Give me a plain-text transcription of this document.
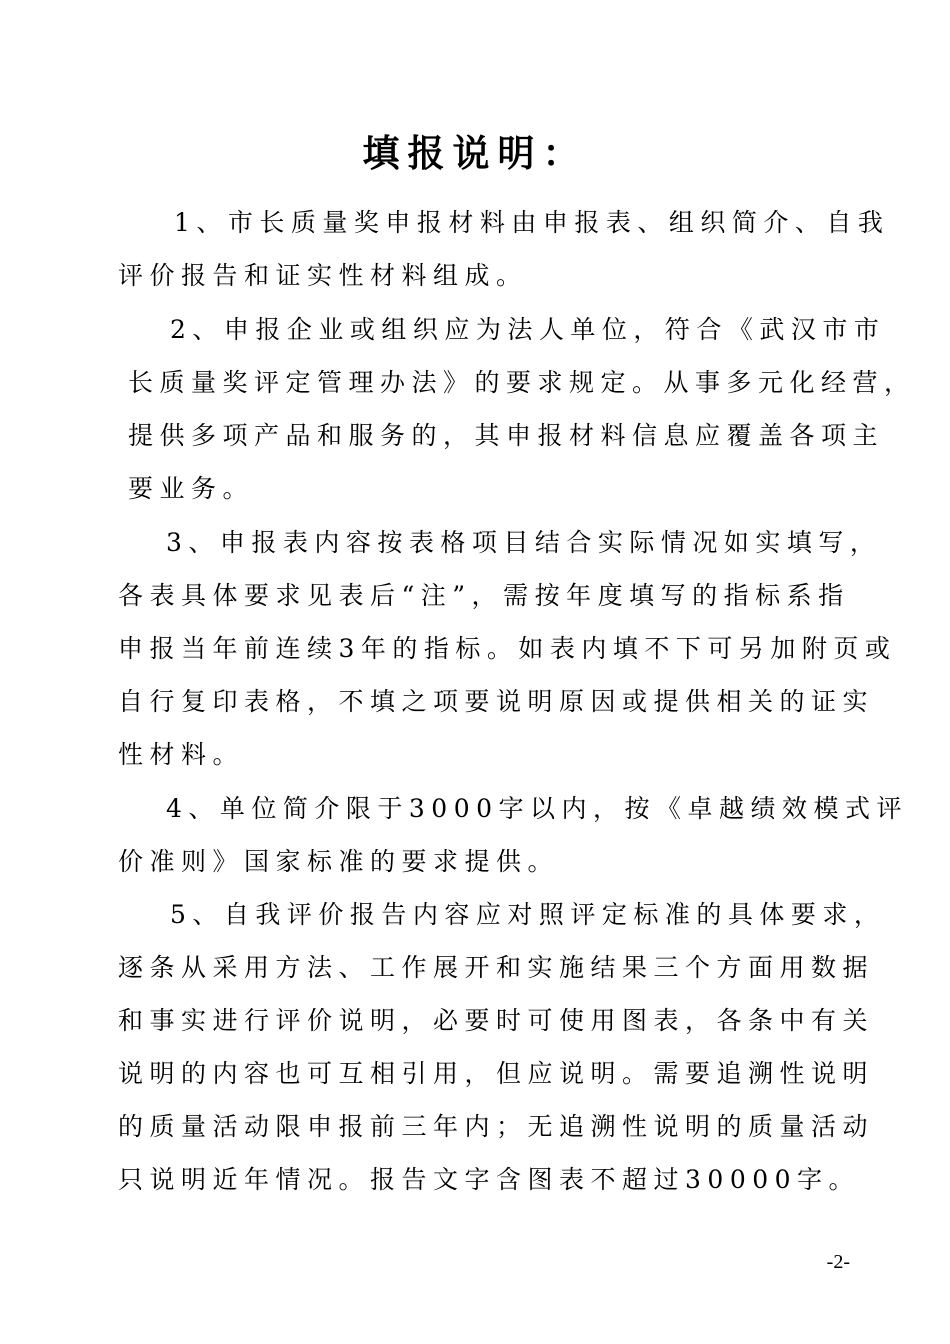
填报说明：
1、市长质量奖申报材料由申报表、组织简介、自我
评价报告和证实性材料组成。
2、申报企业或组织应为法人单位，符合《武汉市市
长质量奖评定管理办法》的要求规定。从事多元化经营，
提供多项产品和服务的，其申报材料信息应覆盖各项主
要业务。
3、申报表内容按表格项目结合实际情况如实填写，
各表具体要求见表后“注”，需按年度填写的指标系指
申报当年前连续3年的指标。如表内填不下可另加附页或
自行复印表格，不填之项要说明原因或提供相关的证实
性材料。
4、单位简介限于3000字以内，按《卓越绩效模式评
价准则》国家标准的要求提供。
5、自我评价报告内容应对照评定标准的具体要求，
逐条从采用方法、工作展开和实施结果三个方面用数据
和事实进行评价说明，必要时可使用图表，各条中有关
说明的内容也可互相引用，但应说明。需要追溯性说明
的质量活动限申报前三年内；无追溯性说明的质量活动
只说明近年情况。报告文字含图表不超过30000字。
-2-
